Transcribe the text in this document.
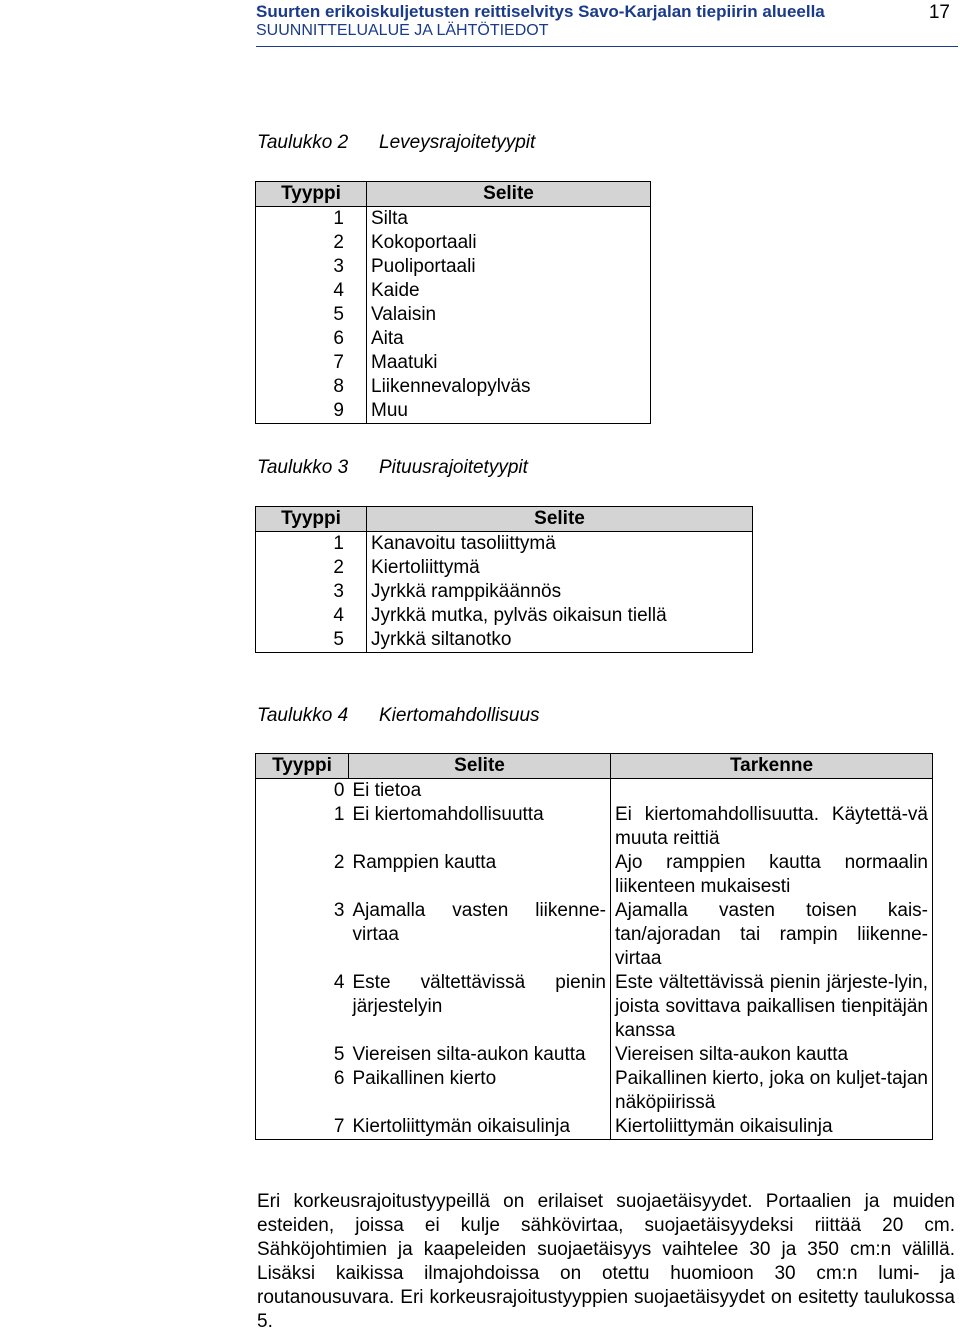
Suurten erikoiskuljetusten reittiselvitys Savo-Karjalan tiepiirin alueella
SUUNNITTELUALUE JA LÄHTÖTIEDOT
17
Taulukko 2 Leveysrajoitetyypit
Tyyppi	Selite
1	Silta
2	Kokoportaali
3	Puoliportaali
4	Kaide
5	Valaisin
6	Aita
7	Maatuki
8	Liikennevalopylväs
9	Muu
Taulukko 3 Pituusrajoitetyypit
Tyyppi	Selite
1	Kanavoitu tasoliittymä
2	Kiertoliittymä
3	Jyrkkä ramppikäännös
4	Jyrkkä mutka, pylväs oikaisun tiellä
5	Jyrkkä siltanotko
Taulukko 4 Kiertomahdollisuus
Tyyppi	Selite	Tarkenne
0	Ei tietoa	
1	Ei kiertomahdollisuutta	Ei kiertomahdollisuutta. Käytettä-vä muuta reittiä
2	Ramppien kautta	Ajo ramppien kautta normaalin liikenteen mukaisesti
3	Ajamalla vasten liikenne-virtaa	Ajamalla vasten toisen kais-tan/ajoradan tai rampin liikenne-virtaa
4	Este vältettävissä pienin järjestelyin	Este vältettävissä pienin järjeste-lyin, joista sovittava paikallisen tienpitäjän kanssa
5	Viereisen silta-aukon kautta	Viereisen silta-aukon kautta
6	Paikallinen kierto	Paikallinen kierto, joka on kuljet-tajan näköpiirissä
7	Kiertoliittymän oikaisulinja	Kiertoliittymän oikaisulinja
Eri korkeusrajoitustyypeillä on erilaiset suojaetäisyydet. Portaalien ja muiden esteiden, joissa ei kulje sähkövirtaa, suojaetäisyydeksi riittää 20 cm. Sähköjohtimien ja kaapeleiden suojaetäisyys vaihtelee 30 ja 350 cm:n välillä. Lisäksi kaikissa ilmajohdoissa on otettu huomioon 30 cm:n lumi- ja routanousuvara. Eri korkeusrajoitustyyppien suojaetäisyydet on esitetty taulukossa 5.
